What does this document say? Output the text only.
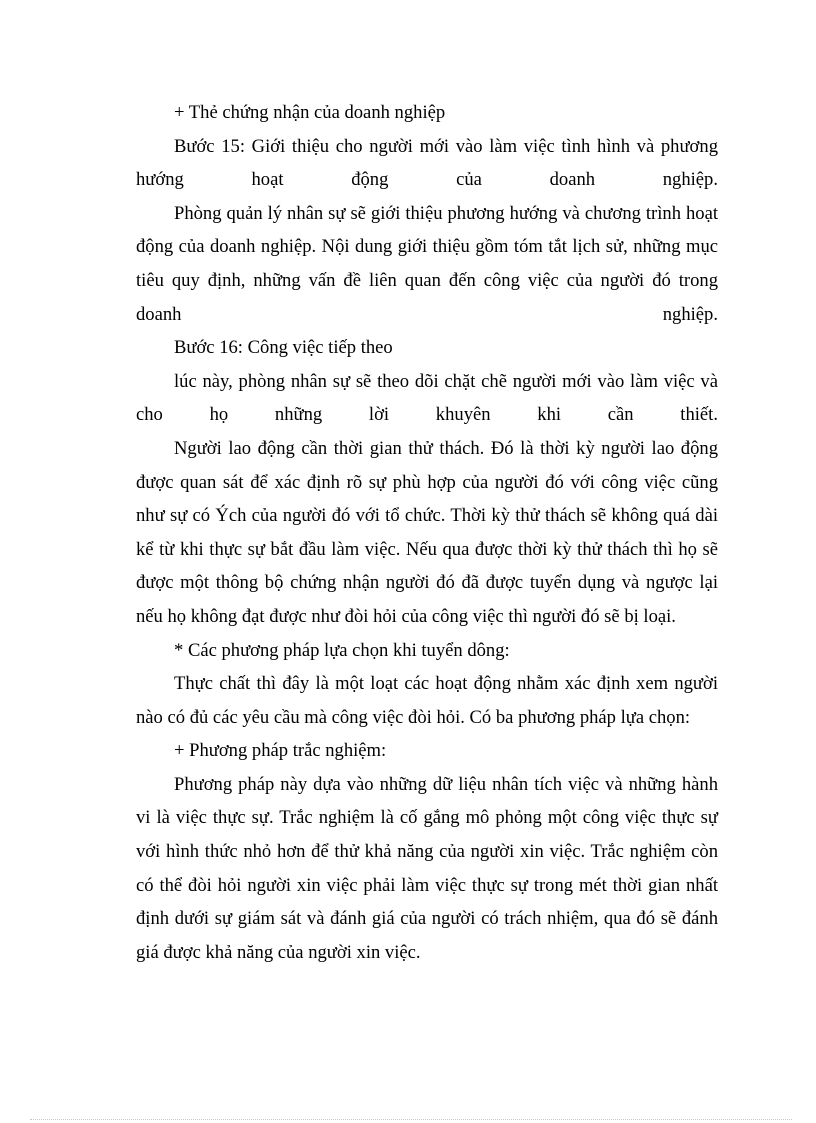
+ Thẻ chứng nhận của doanh nghiệp

Bước 15: Giới thiệu cho người mới vào làm việc tình hình và phương hướng hoạt động của doanh nghiệp.

Phòng quản lý nhân sự sẽ giới thiệu phương hướng và chương trình hoạt động của doanh nghiệp. Nội dung giới thiệu gồm tóm tắt lịch sử, những mục tiêu quy định, những vấn đề liên quan đến công việc của người đó trong doanh nghiệp.

Bước 16: Công việc tiếp theo

lúc này, phòng nhân sự sẽ theo dõi chặt chẽ người mới vào làm việc và cho họ những lời khuyên khi cần thiết.

Người lao động cần thời gian thử thách. Đó là thời kỳ người lao động được quan sát để xác định rõ sự phù hợp của người đó với công việc cũng như sự có Ých của người đó với tổ chức. Thời kỳ thử thách sẽ không quá dài kể từ khi thực sự bắt đầu làm việc. Nếu qua được thời kỳ thử thách thì họ sẽ được một thông bộ chứng nhận người đó đã được tuyển dụng và ngược lại nếu họ không đạt được như đòi hỏi của công việc thì người đó sẽ bị loại.

* Các phương pháp lựa chọn khi tuyển dông:

Thực chất thì đây là một loạt các hoạt động nhằm xác định xem người nào có đủ các yêu cầu mà công việc đòi hỏi. Có ba phương pháp lựa chọn:

+ Phương pháp trắc nghiệm:

Phương pháp này dựa vào những dữ liệu nhân tích việc và những hành vi là việc thực sự. Trắc nghiệm là cố gắng mô phỏng một công việc thực sự với hình thức nhỏ hơn để thử khả năng của người xin việc. Trắc nghiệm còn có thể đòi hỏi người xin việc phải làm việc thực sự trong mét thời gian nhất định dưới sự giám sát và đánh giá của người có trách nhiệm, qua đó sẽ đánh giá được khả năng của người xin việc.
